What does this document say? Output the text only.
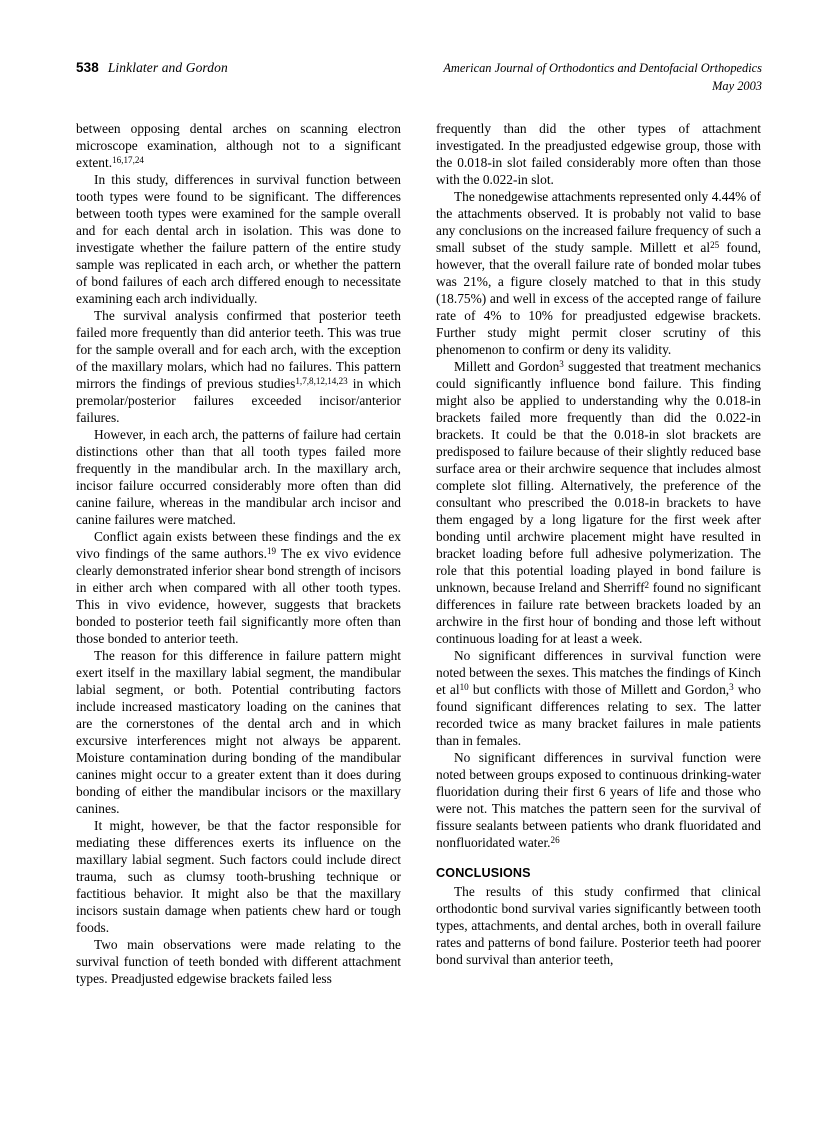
538 Linklater and Gordon	American Journal of Orthodontics and Dentofacial Orthopedics
May 2003

between opposing dental arches on scanning electron microscope examination, although not to a significant extent.$^{16,17,24}$

In this study, differences in survival function between tooth types were found to be significant. The differences between tooth types were examined for the sample overall and for each dental arch in isolation. This was done to investigate whether the failure pattern of the entire study sample was replicated in each arch, or whether the pattern of bond failures of each arch differed enough to necessitate examining each arch individually.

The survival analysis confirmed that posterior teeth failed more frequently than did anterior teeth. This was true for the sample overall and for each arch, with the exception of the maxillary molars, which had no failures. This pattern mirrors the findings of previous studies$^{1,7,8,12,14,23}$ in which premolar/posterior failures exceeded incisor/anterior failures.

However, in each arch, the patterns of failure had certain distinctions other than that all tooth types failed more frequently in the mandibular arch. In the maxillary arch, incisor failure occurred considerably more often than did canine failure, whereas in the mandibular arch incisor and canine failures were matched.

Conflict again exists between these findings and the ex vivo findings of the same authors.$^{19}$ The ex vivo evidence clearly demonstrated inferior shear bond strength of incisors in either arch when compared with all other tooth types. This in vivo evidence, however, suggests that brackets bonded to posterior teeth fail significantly more often than those bonded to anterior teeth.

The reason for this difference in failure pattern might exert itself in the maxillary labial segment, the mandibular labial segment, or both. Potential contributing factors include increased masticatory loading on the canines that are the cornerstones of the dental arch and in which excursive interferences might not always be apparent. Moisture contamination during bonding of the mandibular canines might occur to a greater extent than it does during bonding of either the mandibular incisors or the maxillary canines.

It might, however, be that the factor responsible for mediating these differences exerts its influence on the maxillary labial segment. Such factors could include direct trauma, such as clumsy tooth-brushing technique or factitious behavior. It might also be that the maxillary incisors sustain damage when patients chew hard or tough foods.

Two main observations were made relating to the survival function of teeth bonded with different attachment types. Preadjusted edgewise brackets failed less

frequently than did the other types of attachment investigated. In the preadjusted edgewise group, those with the 0.018-in slot failed considerably more often than those with the 0.022-in slot.

The nonedgewise attachments represented only 4.44% of the attachments observed. It is probably not valid to base any conclusions on the increased failure frequency of such a small subset of the study sample. Millett et $al^{25}$ found, however, that the overall failure rate of bonded molar tubes was 21%, a figure closely matched to that in this study (18.75%) and well in excess of the accepted range of failure rate of 4% to 10% for preadjusted edgewise brackets. Further study might permit closer scrutiny of this phenomenon to confirm or deny its validity.

Millett and Gordon$^3$ suggested that treatment mechanics could significantly influence bond failure. This finding might also be applied to understanding why the 0.018-in brackets failed more frequently than did the 0.022-in brackets. It could be that the 0.018-in slot brackets are predisposed to failure because of their slightly reduced base surface area or their archwire sequence that includes almost complete slot filling. Alternatively, the preference of the consultant who prescribed the 0.018-in brackets to have them engaged by a long ligature for the first week after bonding until archwire placement might have resulted in bracket loading before full adhesive polymerization. The role that this potential loading played in bond failure is unknown, because Ireland and Sherriff$^2$ found no significant differences in failure rate between brackets loaded by an archwire in the first hour of bonding and those left without continuous loading for at least a week.

No significant differences in survival function were noted between the sexes. This matches the findings of Kinch et $al^{10}$ but conflicts with those of Millett and Gordon,$^3$ who found significant differences relating to sex. The latter recorded twice as many bracket failures in male patients than in females.

No significant differences in survival function were noted between groups exposed to continuous drinking-water fluoridation during their first 6 years of life and those who were not. This matches the pattern seen for the survival of fissure sealants between patients who drank fluoridated and nonfluoridated water.$^{26}$

CONCLUSIONS

The results of this study confirmed that clinical orthodontic bond survival varies significantly between tooth types, attachments, and dental arches, both in overall failure rates and patterns of bond failure. Posterior teeth had poorer bond survival than anterior teeth,
